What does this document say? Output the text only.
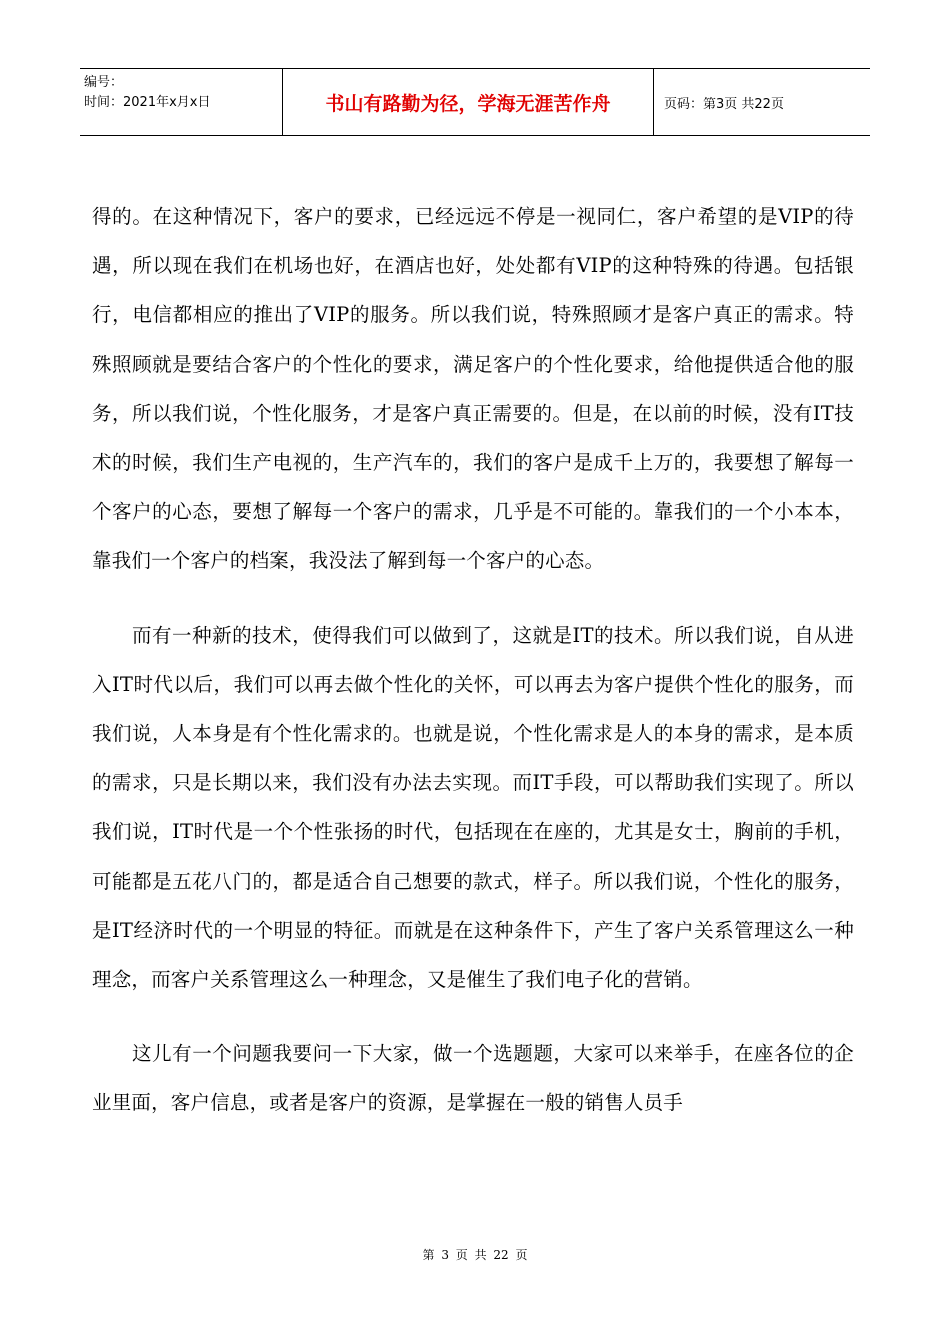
编号：
时间：2021年x月x日	书山有路勤为径，学海无涯苦作舟	页码：第3页 共22页

得的。在这种情况下，客户的要求，已经远远不停是一视同仁，客户希望的是VIP的待遇，所以现在我们在机场也好，在酒店也好，处处都有VIP的这种特殊的待遇。包括银行，电信都相应的推出了VIP的服务。所以我们说，特殊照顾才是客户真正的需求。特殊照顾就是要结合客户的个性化的要求，满足客户的个性化要求，给他提供适合他的服务，所以我们说，个性化服务，才是客户真正需要的。但是，在以前的时候，没有IT技术的时候，我们生产电视的，生产汽车的，我们的客户是成千上万的，我要想了解每一个客户的心态，要想了解每一个客户的需求，几乎是不可能的。靠我们的一个小本本，靠我们一个客户的档案，我没法了解到每一个客户的心态。

而有一种新的技术，使得我们可以做到了，这就是IT的技术。所以我们说，自从进入IT时代以后，我们可以再去做个性化的关怀，可以再去为客户提供个性化的服务，而我们说，人本身是有个性化需求的。也就是说，个性化需求是人的本身的需求，是本质的需求，只是长期以来，我们没有办法去实现。而IT手段，可以帮助我们实现了。所以我们说，IT时代是一个个性张扬的时代，包括现在在座的，尤其是女士，胸前的手机，可能都是五花八门的，都是适合自己想要的款式，样子。所以我们说，个性化的服务，是IT经济时代的一个明显的特征。而就是在这种条件下，产生了客户关系管理这么一种理念，而客户关系管理这么一种理念，又是催生了我们电子化的营销。

这儿有一个问题我要问一下大家，做一个选题题，大家可以来举手，在座各位的企业里面，客户信息，或者是客户的资源，是掌握在一般的销售人员手

第 3 页 共 22 页
